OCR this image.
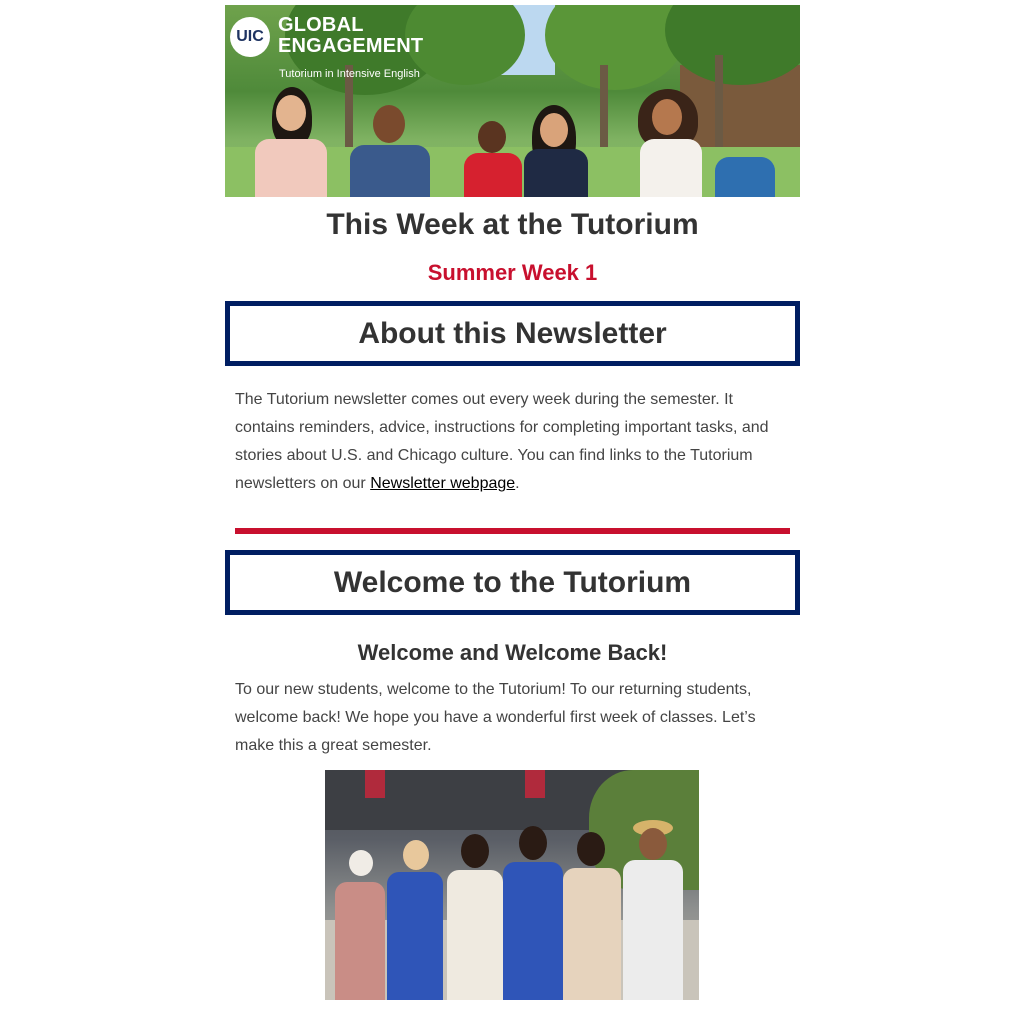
UIC
GLOBAL
ENGAGEMENT
Tutorium in Intensive English
This Week at the Tutorium
Summer Week 1
About this Newsletter
The Tutorium newsletter comes out every week during the semester. It contains reminders, advice, instructions for completing important tasks, and stories about U.S. and Chicago culture. You can find links to the Tutorium newsletters on our Newsletter webpage.
Welcome to the Tutorium
Welcome and Welcome Back!
To our new students, welcome to the Tutorium! To our returning students, welcome back! We hope you have a wonderful first week of classes. Let’s make this a great semester.
